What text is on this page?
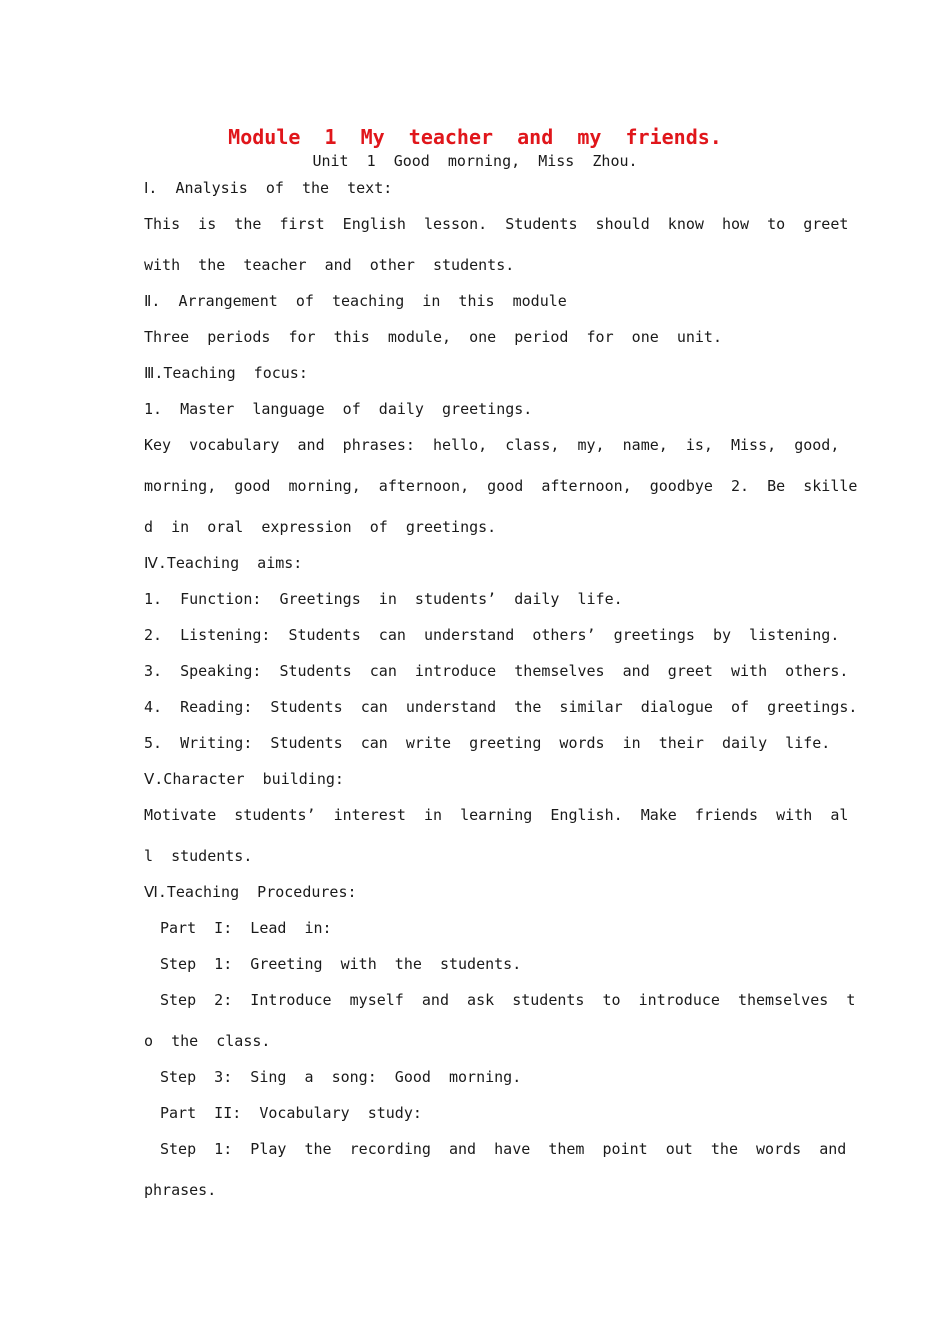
Module  1  My  teacher  and  my  friends.
Unit  1  Good  morning,  Miss  Zhou.
Ⅰ.  Analysis  of  the  text:
This  is  the  first  English  lesson.  Students  should  know  how  to  greet
with  the  teacher  and  other  students.
Ⅱ.  Arrangement  of  teaching  in  this  module
Three  periods  for  this  module,  one  period  for  one  unit.
Ⅲ.Teaching  focus:
1.  Master  language  of  daily  greetings.
Key  vocabulary  and  phrases:  hello,  class,  my,  name,  is,  Miss,  good,
morning,  good  morning,  afternoon,  good  afternoon,  goodbye  2.  Be  skille
d  in  oral  expression  of  greetings.
Ⅳ.Teaching  aims:
1.  Function:  Greetings  in  students’  daily  life.
2.  Listening:  Students  can  understand  others’  greetings  by  listening.
3.  Speaking:  Students  can  introduce  themselves  and  greet  with  others.
4.  Reading:  Students  can  understand  the  similar  dialogue  of  greetings.
5.  Writing:  Students  can  write  greeting  words  in  their  daily  life.
Ⅴ.Character  building:
Motivate  students’  interest  in  learning  English.  Make  friends  with  al
l  students.
Ⅵ.Teaching  Procedures:
Part  I:  Lead  in:
Step  1:  Greeting  with  the  students.
Step  2:  Introduce  myself  and  ask  students  to  introduce  themselves  t
o  the  class.
Step  3:  Sing  a  song:  Good  morning.
Part  II:  Vocabulary  study:
Step  1:  Play  the  recording  and  have  them  point  out  the  words  and
phrases.
